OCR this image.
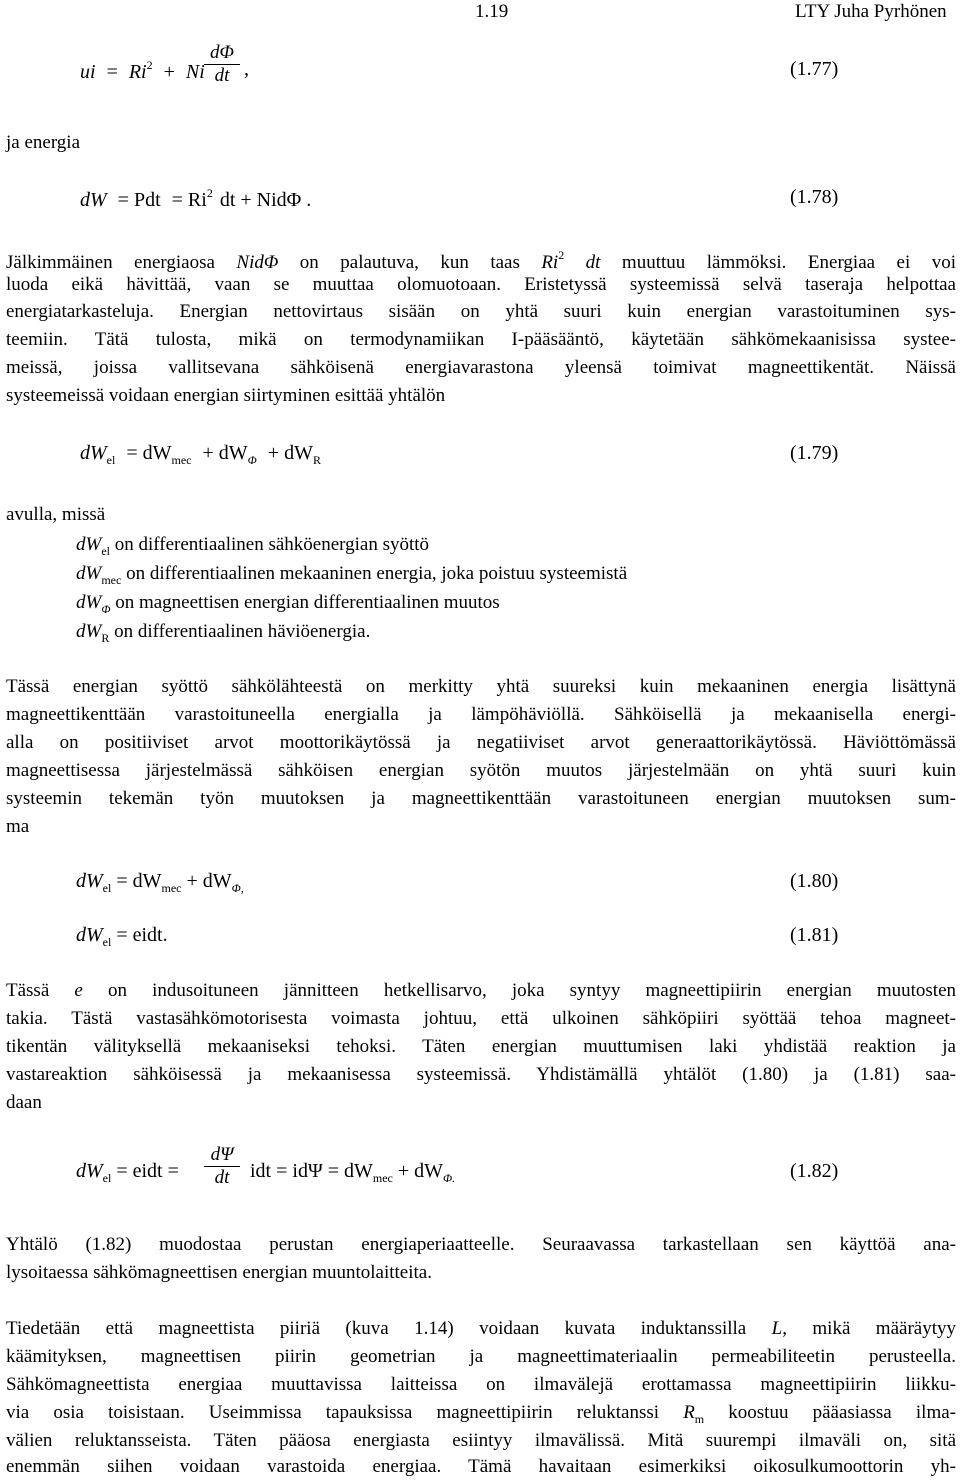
1.19	LTY Juha Pyrhönen
ui = $Ri^2 + Ni$
dΦ
dt ,	(1.77)
ja energia
dW = Pdt = $Ri^2$ dt + NidΦ .	(1.78)
Jälkimmäinen energiaosa NidΦ on palautuva, kun taas Ri$^2$ dt muuttuu lämmöksi. Energiaa ei voi
luoda eikä hävittää, vaan se muuttaa olomuotoaan. Eristetyssä systeemissä selvä taseraja helpottaa
energiatarkasteluja. Energian nettovirtaus sisään on yhtä suuri kuin energian varastoituminen sys-
teemiin. Tätä tulosta, mikä on termodynamiikan I-pääsääntö, käytetään sähkömekaanisissa systee-
meissä, joissa vallitsevana sähköisenä energiavarastona yleensä toimivat magneettikentät. Näissä
systeemeissä voidaan energian siirtyminen esittää yhtälön
$dW_{el} = dW_{mec} + dW_\Phi + dW_R$	(1.79)
avulla, missä
$dW_{el}$ on differentiaalinen sähköenergian syöttö
$dW_{mec}$ on differentiaalinen mekaaninen energia, joka poistuu systeemistä
$dW_\Phi$ on magneettisen energian differentiaalinen muutos
$dW_R$ on differentiaalinen häviöenergia.
Tässä energian syöttö sähkölähteestä on merkitty yhtä suureksi kuin mekaaninen energia lisättynä
magneettikenttään varastoituneella energialla ja lämpöhäviöllä. Sähköisellä ja mekaanisella energi-
alla on positiiviset arvot moottorikäytössä ja negatiiviset arvot generaattorikäytössä. Häviöttömässä
magneettisessa järjestelmässä sähköisen energian syötön muutos järjestelmään on yhtä suuri kuin
systeemin tekemän työn muutoksen ja magneettikenttään varastoituneen energian muutoksen sum-
ma
$dW_{el} = dW_{mec} + dW_{\Phi,}$	(1.80)
$dW_{el}$ = eidt.	(1.81)
Tässä e on indusoituneen jännitteen hetkellisarvo, joka syntyy magneettipiirin energian muutosten
takia. Tästä vastasähkömotorisesta voimasta johtuu, että ulkoinen sähköpiiri syöttää tehoa magneet-
tikentän välityksellä mekaaniseksi tehoksi. Täten energian muuttumisen laki yhdistää reaktion ja
vastareaktion sähköisessä ja mekaanisessa systeemissä. Yhdistämällä yhtälöt (1.80) ja (1.81) saa-
daan
$dW_{el}$ = eidt =
dΨ
dt	idt = $id\Psi = dW_{mec} + dW_{\Phi.}$	(1.82)
Yhtälö (1.82) muodostaa perustan energiaperiaatteelle. Seuraavassa tarkastellaan sen käyttöä ana-
lysoitaessa sähkömagneettisen energian muuntolaitteita.
Tiedetään että magneettista piiriä (kuva 1.14) voidaan kuvata induktanssilla L, mikä määräytyy
käämityksen, magneettisen piirin geometrian ja magneettimateriaalin permeabiliteetin perusteella.
Sähkömagneettista energiaa muuttavissa laitteissa on ilmavälejä erottamassa magneettipiirin liikku-
via osia toisistaan. Useimmissa tapauksissa magneettipiirin reluktanssi $R_m$ koostuu pääasiassa ilma-
välien reluktansseista. Täten pääosa energiasta esiintyy ilmavälissä. Mitä suurempi ilmaväli on, sitä
enemmän siihen voidaan varastoida energiaa. Tämä havaitaan esimerkiksi oikosulkumoottorin yh-
